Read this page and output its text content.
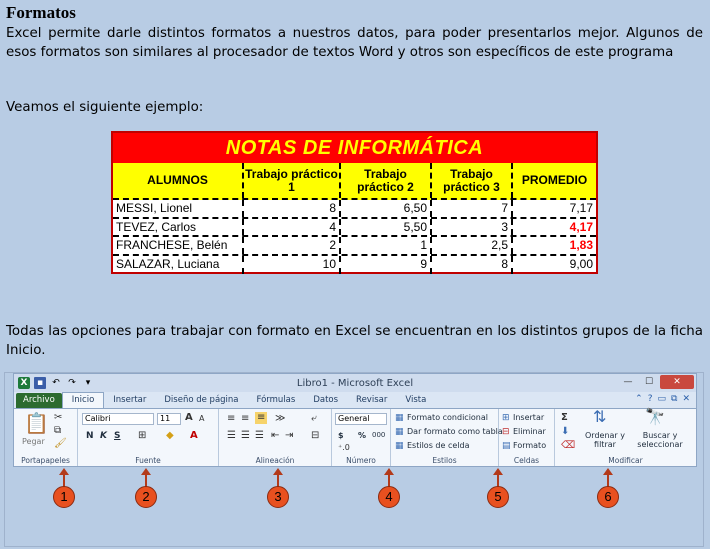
Formatos

Excel permite darle distintos formatos a nuestros datos, para poder presentarlos mejor. Algunos de esos formatos son similares al procesador de textos Word y otros son específicos de este programa

Veamos el siguiente ejemplo:

NOTAS DE INFORMÁTICA
ALUMNOS	Trabajo práctico 1
Trabajo práctico 2
Trabajo práctico 3	PROMEDIO
MESSI, Lionel	8	6,50	7	7,17
TEVEZ, Carlos	4	5,50	3	4,17
FRANCHESE, Belén	2	1	2,5	1,83
SALAZAR, Luciana	10	9	8	9,00

Todas las opciones para trabajar con formato en Excel se encuentran en los distintos grupos de la ficha Inicio.

X	▪	↶ ↷	▾	Libro1 - Microsoft Excel	—	☐	✕
Archivo	Inicio	Insertar	Diseño de página	Fórmulas	Datos	Revisar	Vista	⌃ ? ▭ ⧉ ✕
📋
Pegar
✂
⧉
🖌
Portapapeles
Calibri	11	A A
N K S ⊞ ◆ A
Fuente
≡ ≡ ≡ ≫	⤶
☰ ☰ ☰ ⇤ ⇥ ⊟
Alineación
General
$ % 000
⁺.0
Número
▦ Formato condicional
▦ Dar formato como tabla
▦ Estilos de celda
Estilos
⊞ Insertar
⊟ Eliminar
▤ Formato
Celdas
Σ
⬇
⌫
⇅
Ordenar y filtrar
🔭
Buscar y seleccionar
Modificar
1	2	3	4	5	6
